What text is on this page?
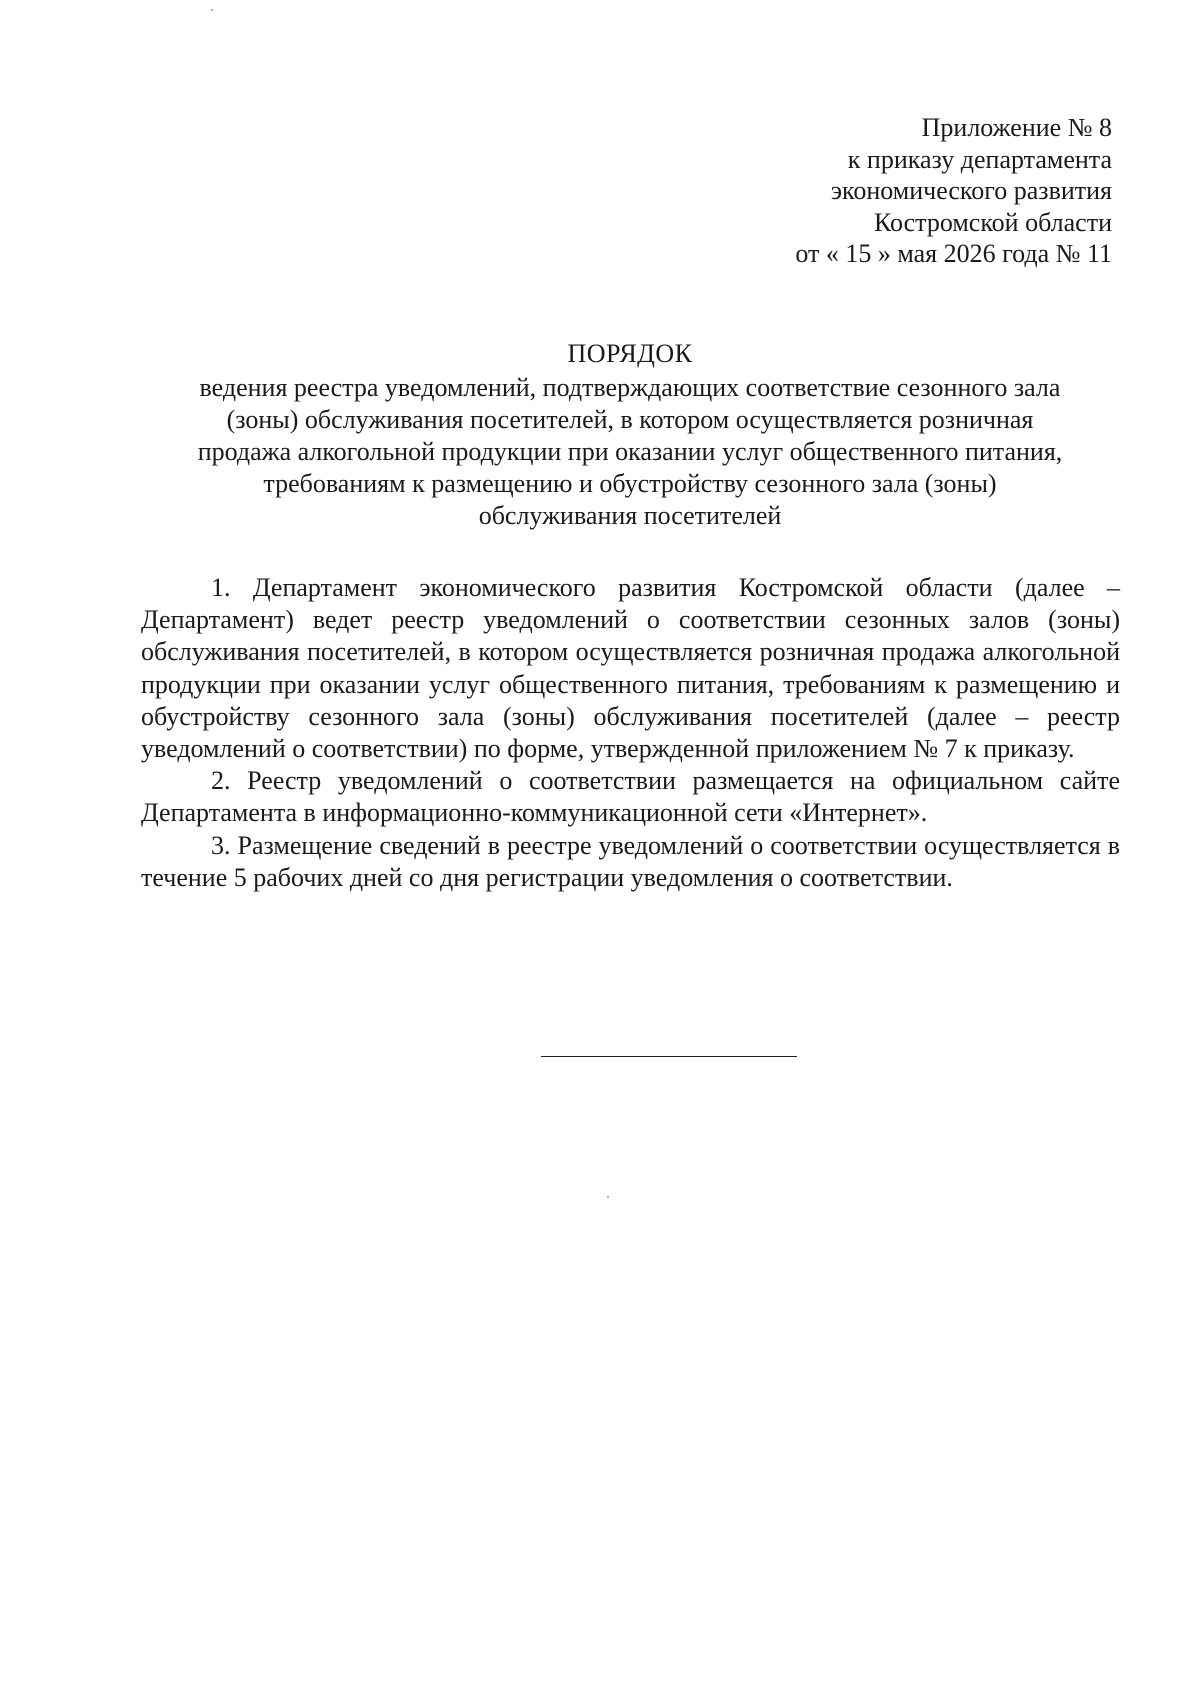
Приложение № 8
к приказу департамента
экономического развития
Костромской области
от « 15 » мая 2026 года № 11
ПОРЯДОК
ведения реестра уведомлений, подтверждающих соответствие сезонного зала
(зоны) обслуживания посетителей, в котором осуществляется розничная
продажа алкогольной продукции при оказании услуг общественного питания,
требованиям к размещению и обустройству сезонного зала (зоны)
обслуживания посетителей

1. Департамент экономического развития Костромской области (далее – Департамент) ведет реестр уведомлений о соответствии сезонных залов (зоны) обслуживания посетителей, в котором осуществляется розничная продажа алкогольной продукции при оказании услуг общественного питания, требованиям к размещению и обустройству сезонного зала (зоны) обслуживания посетителей (далее – реестр уведомлений о соответствии) по форме, утвержденной приложением № 7 к приказу.

2. Реестр уведомлений о соответствии размещается на официальном сайте Департамента в информационно-коммуникационной сети «Интернет».

3. Размещение сведений в реестре уведомлений о соответствии осуществляется в течение 5 рабочих дней со дня регистрации уведомления о соответствии.
